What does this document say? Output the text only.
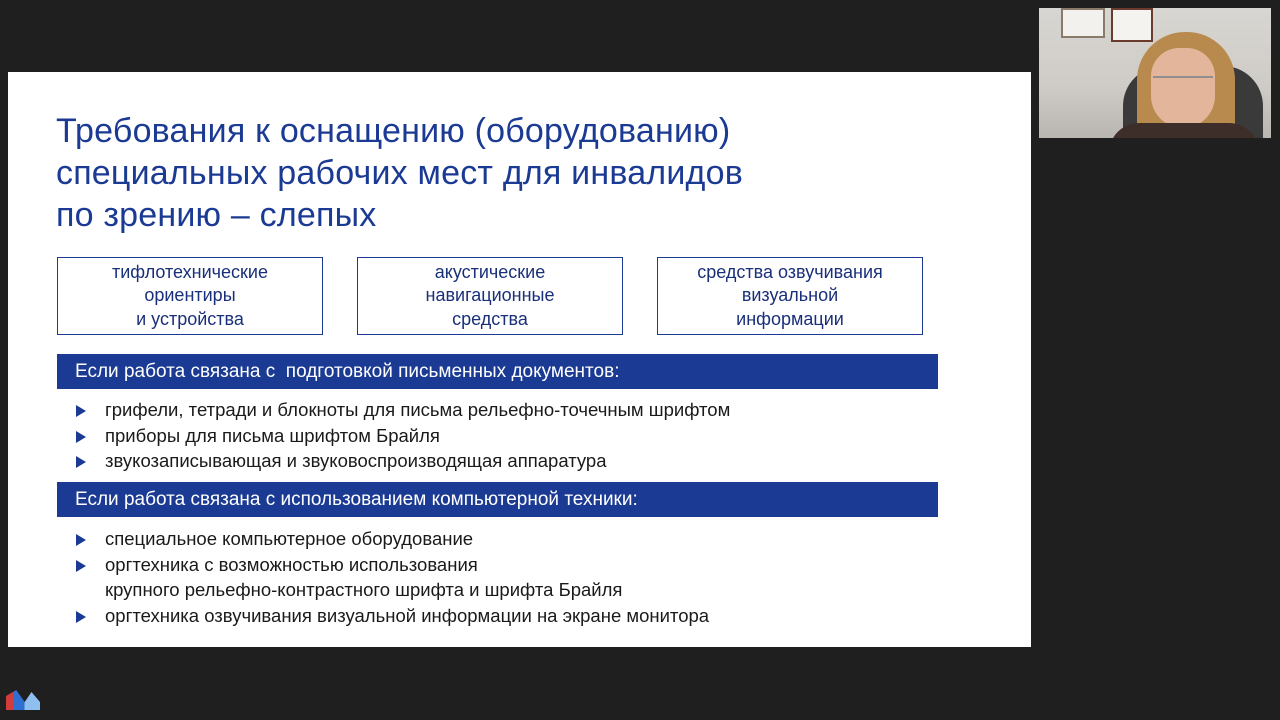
Требования к оснащению (оборудованию)
специальных рабочих мест для инвалидов
по зрению – слепых
тифлотехнические
ориентиры
и устройства
акустические
навигационные
средства
средства озвучивания
визуальной
информации
Если работа связана с  подготовкой письменных документов:
грифели, тетради и блокноты для письма рельефно-точечным шрифтом
приборы для письма шрифтом Брайля
звукозаписывающая и звуковоспроизводящая аппаратура
Если работа связана с использованием компьютерной техники:
специальное компьютерное оборудование
оргтехника с возможностью использования
крупного рельефно-контрастного шрифта и шрифта Брайля
оргтехника озвучивания визуальной информации на экране монитора
